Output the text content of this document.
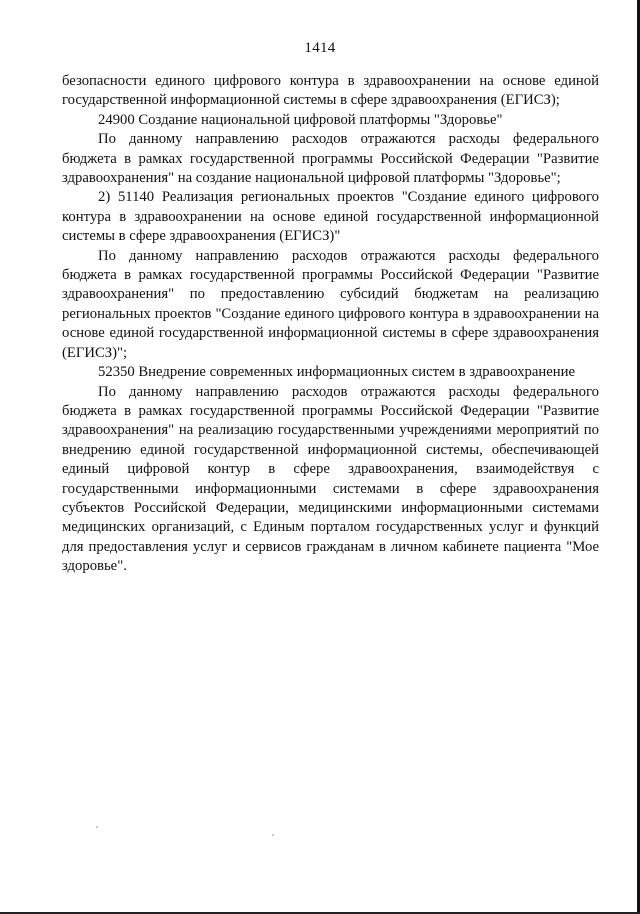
1414

безопасности единого цифрового контура в здравоохранении на основе единой государственной информационной системы в сфере здравоохранения (ЕГИСЗ);

24900 Создание национальной цифровой платформы "Здоровье"

По данному направлению расходов отражаются расходы федерального бюджета в рамках государственной программы Российской Федерации "Развитие здравоохранения" на создание национальной цифровой платформы "Здоровье";

2) 51140 Реализация региональных проектов "Создание единого цифрового контура в здравоохранении на основе единой государственной информационной системы в сфере здравоохранения (ЕГИСЗ)"

По данному направлению расходов отражаются расходы федерального бюджета в рамках государственной программы Российской Федерации "Развитие здравоохранения" по предоставлению субсидий бюджетам на реализацию региональных проектов "Создание единого цифрового контура в здравоохранении на основе единой государственной информационной системы в сфере здравоохранения (ЕГИСЗ)";

52350 Внедрение современных информационных систем в здравоохранение

По данному направлению расходов отражаются расходы федерального бюджета в рамках государственной программы Российской Федерации "Развитие здравоохранения" на реализацию государственными учреждениями мероприятий по внедрению единой государственной информационной системы, обеспечивающей единый цифровой контур в сфере здравоохранения, взаимодействуя с государственными информационными системами в сфере здравоохранения субъектов Российской Федерации, медицинскими информационными системами медицинских организаций, с Единым порталом государственных услуг и функций для предоставления услуг и сервисов гражданам в личном кабинете пациента "Мое здоровье".
